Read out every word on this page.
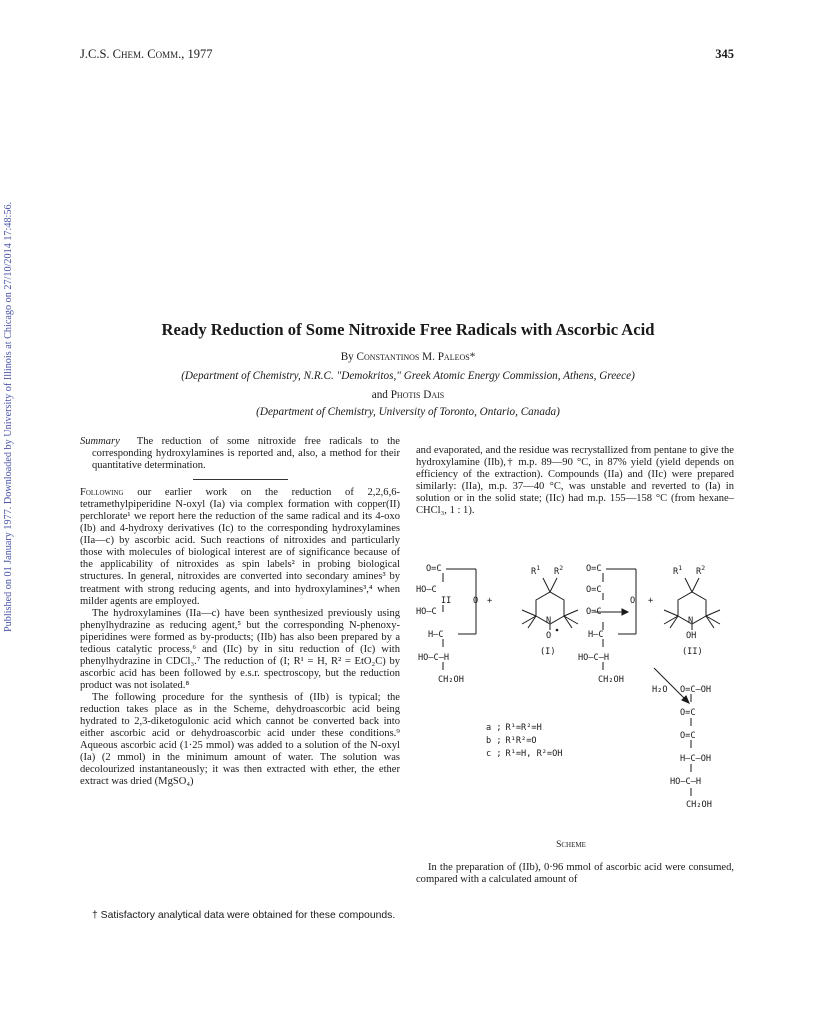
J.C.S. Chem. Comm., 1977	345
Published on 01 January 1977. Downloaded by University of Illinois at Chicago on 27/10/2014 17:48:56.	Ready Reduction of Some Nitroxide Free Radicals with Ascorbic Acid
By Constantinos M. Paleos*
(Department of Chemistry, N.R.C. "Demokritos," Greek Atomic Energy Commission, Athens, Greece)
and Photis Dais
(Department of Chemistry, University of Toronto, Ontario, Canada)

Summary The reduction of some nitroxide free radicals to the corresponding hydroxylamines is reported and, also, a method for their quantitative determination.

Following our earlier work on the reduction of 2,2,6,6-tetramethylpiperidine N-oxyl (Ia) via complex formation with copper(II) perchlorate¹ we report here the reduction of the same radical and its 4-oxo (Ib) and 4-hydroxy derivatives (Ic) to the corresponding hydroxylamines (IIa—c) by ascorbic acid. Such reactions of nitroxides and particularly those with molecules of biological interest are of significance because of the applicability of nitroxides as spin labels² in probing biological structures. In general, nitroxides are converted into secondary amines³ by treatment with strong reducing agents, and into hydroxylamines³,⁴ when milder agents are employed.

The hydroxylamines (IIa—c) have been synthesized previously using phenylhydrazine as reducing agent,⁵ but the corresponding N-phenoxy-piperidines were formed as by-products; (IIb) has also been prepared by a tedious catalytic process,⁶ and (IIc) by in situ reduction of (Ic) with phenylhydrazine in CDCl₃.⁷ The reduction of (I; R¹ = H, R² = EtO₂C) by ascorbic acid has been followed by e.s.r. spectroscopy, but the reduction product was not isolated.⁸

The following procedure for the synthesis of (IIb) is typical; the reduction takes place as in the Scheme, dehydroascorbic acid being hydrated to 2,3-diketogulonic acid which cannot be converted back into either ascorbic acid or dehydroascorbic acid under these conditions.⁹ Aqueous ascorbic acid (1·25 mmol) was added to a solution of the N-oxyl (Ia) (2 mmol) in the minimum amount of water. The solution was decolourized instantaneously; it was then extracted with ether, the ether extract was dried (MgSO₄)

and evaporated, and the residue was recrystallized from pentane to give the hydroxylamine (IIb),† m.p. 89—90 °C, in 87% yield (yield depends on efficiency of the extraction). Compounds (IIa) and (IIc) were prepared similarly: (IIa), m.p. 37—40 °C, was unstable and reverted to (Ia) in solution or in the solid state; (IIc) had m.p. 155—158 °C (from hexane–CHCl₃, 1 : 1).

O=C
HO–C
II
HO–C
H–C
HO–C–H
CH₂OH
O +
$R^1$ $R^2$
N
O
(I)
O=C
O=C
O=C
H–C
HO–C–H
CH₂OH
O +
$R^1$ $R^2$
N
OH
(II)
H₂O O=C–OH
O=C
O=C
H–C–OH
HO–C–H
CH₂OH
a ; R¹=R²=H
b ; R¹R²=O
c ; R¹=H, R²=OH
Scheme

In the preparation of (IIb), 0·96 mmol of ascorbic acid were consumed, compared with a calculated amount of

† Satisfactory analytical data were obtained for these compounds.
